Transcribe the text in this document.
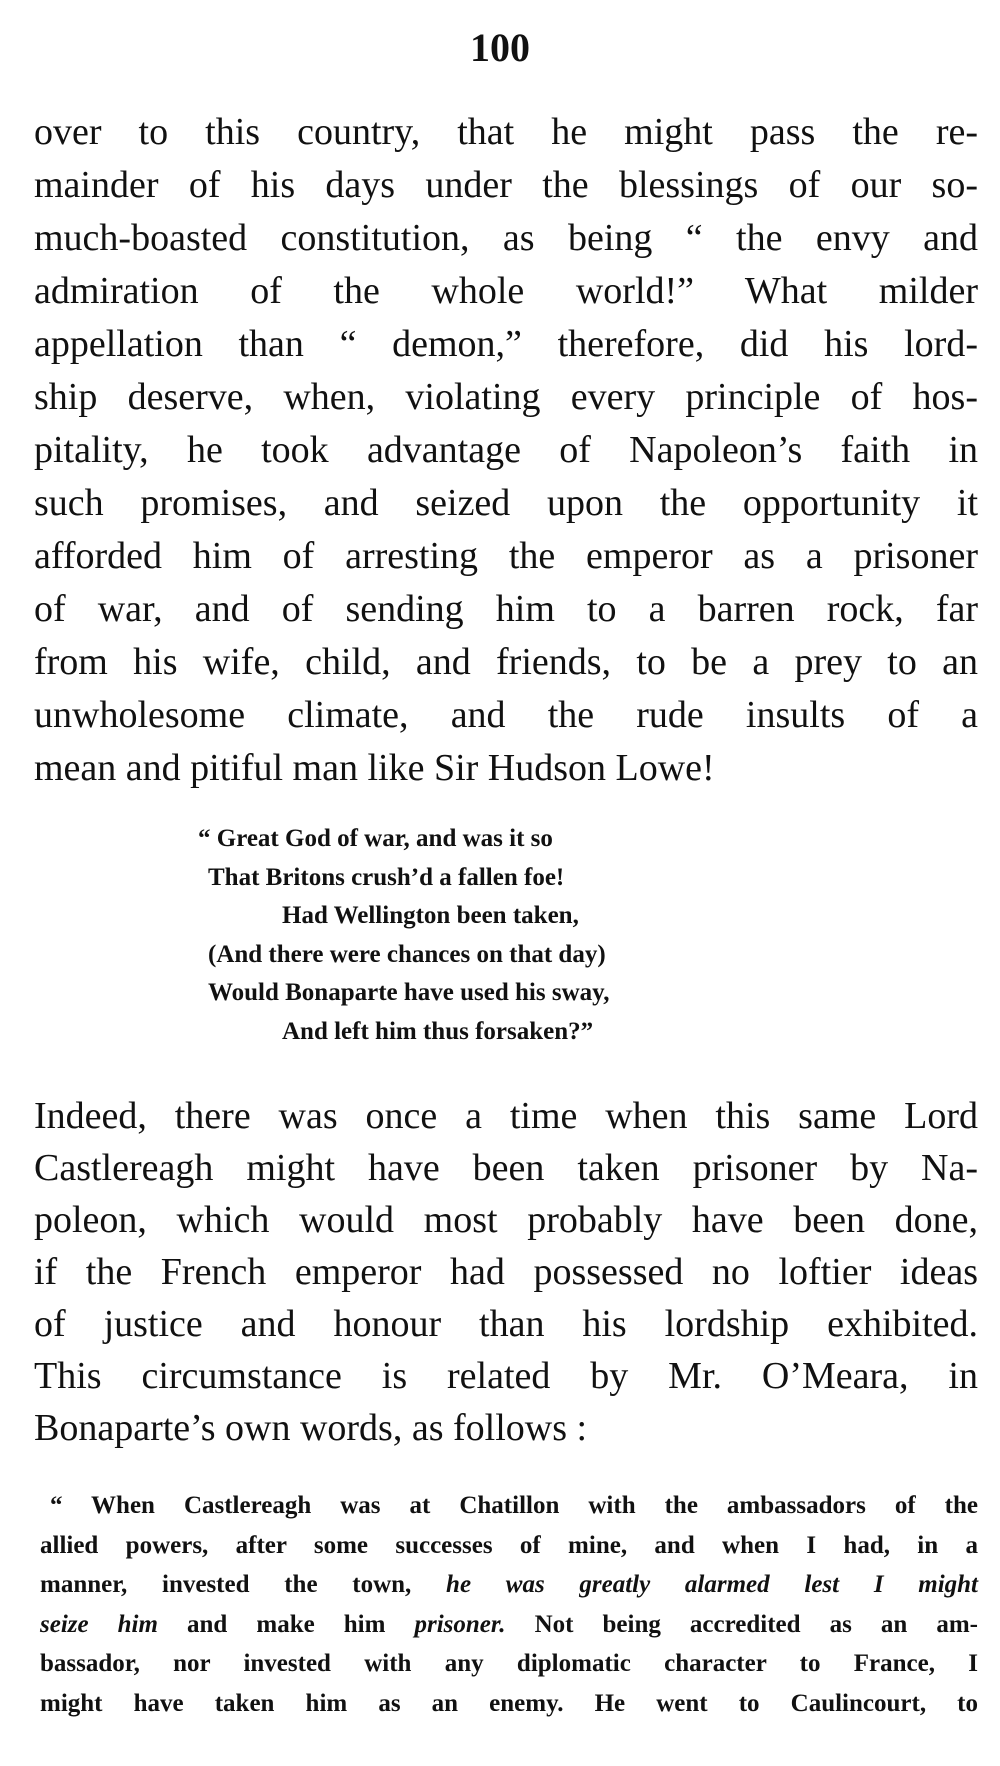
100
over to this country, that he might pass the re-
mainder of his days under the blessings of our so-
much-boasted constitution, as being “ the envy and
admiration of the whole world!” What milder
appellation than “ demon,” therefore, did his lord-
ship deserve, when, violating every principle of hos-
pitality, he took advantage of Napoleon’s faith in
such promises, and seized upon the opportunity it
afforded him of arresting the emperor as a prisoner
of war, and of sending him to a barren rock, far
from his wife, child, and friends, to be a prey to an
unwholesome climate, and the rude insults of a
mean and pitiful man like Sir Hudson Lowe!
“ Great God of war, and was it so
That Britons crush’d a fallen foe!
Had Wellington been taken,
(And there were chances on that day)
Would Bonaparte have used his sway,
And left him thus forsaken?”
Indeed, there was once a time when this same Lord
Castlereagh might have been taken prisoner by Na-
poleon, which would most probably have been done,
if the French emperor had possessed no loftier ideas
of justice and honour than his lordship exhibited.
This circumstance is related by Mr. O’Meara, in
Bonaparte’s own words, as follows :
“ When Castlereagh was at Chatillon with the ambassadors of the
allied powers, after some successes of mine, and when I had, in a
manner, invested the town, he was greatly alarmed lest I might
seize him and make him prisoner. Not being accredited as an am-
bassador, nor invested with any diplomatic character to France, I
might have taken him as an enemy. He went to Caulincourt, to
